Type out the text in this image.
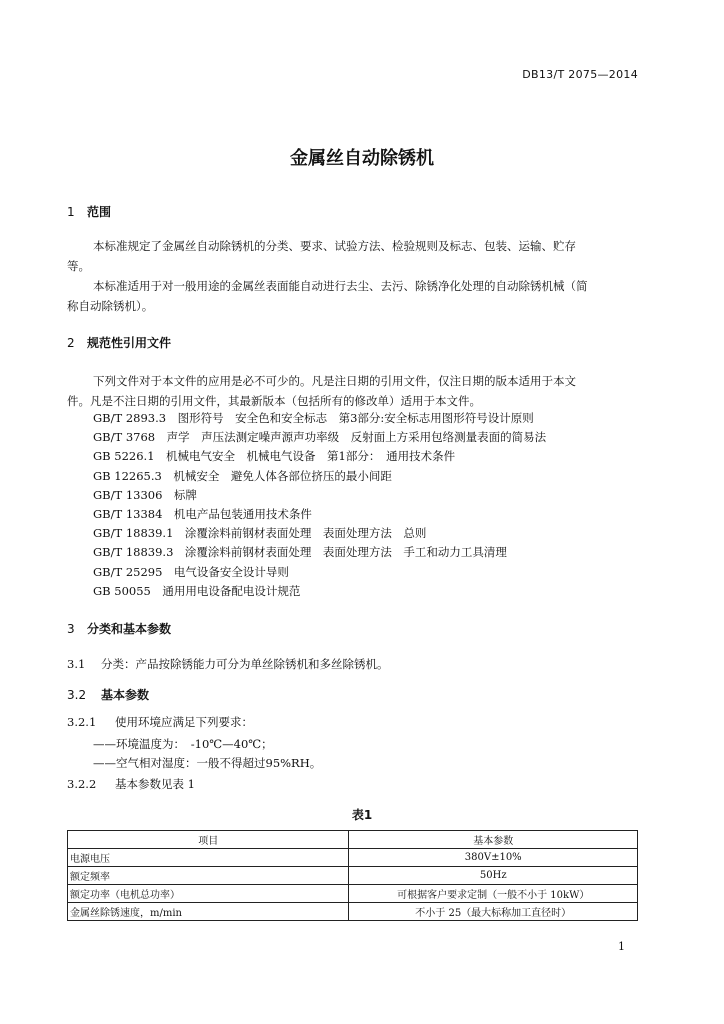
DB13/T 2075—2014
金属丝自动除锈机
1 范围
本标准规定了金属丝自动除锈机的分类、要求、试验方法、检验规则及标志、包装、运输、贮存
等。
本标准适用于对一般用途的金属丝表面能自动进行去尘、去污、除锈净化处理的自动除锈机械（简
称自动除锈机）。
2 规范性引用文件
下列文件对于本文件的应用是必不可少的。凡是注日期的引用文件，仅注日期的版本适用于本文
件。凡是不注日期的引用文件，其最新版本（包括所有的修改单）适用于本文件。
GB/T 2893.3　图形符号　安全色和安全标志　第3部分:安全标志用图形符号设计原则
GB/T 3768　声学　声压法测定噪声源声功率级　反射面上方采用包络测量表面的简易法
GB 5226.1　机械电气安全　机械电气设备　第1部分：　通用技术条件
GB 12265.3　机械安全　避免人体各部位挤压的最小间距
GB/T 13306　标牌
GB/T 13384　机电产品包装通用技术条件
GB/T 18839.1　涂覆涂料前钢材表面处理　表面处理方法　总则
GB/T 18839.3　涂覆涂料前钢材表面处理　表面处理方法　手工和动力工具清理
GB/T 25295　电气设备安全设计导则
GB 50055　通用用电设备配电设计规范
3 分类和基本参数
3.1 分类：产品按除锈能力可分为单丝除锈机和多丝除锈机。
3.2 基本参数
3.2.1 使用环境应满足下列要求：
——环境温度为：　-10℃—40℃；
——空气相对湿度：一般不得超过95%RH。
3.2.2 基本参数见表 1
表1
项目	基本参数
电源电压	380V±10%
额定频率	50Hz
额定功率（电机总功率）	可根据客户要求定制（一般不小于 10kW）
金属丝除锈速度，m/min	不小于 25（最大标称加工直径时）
1
